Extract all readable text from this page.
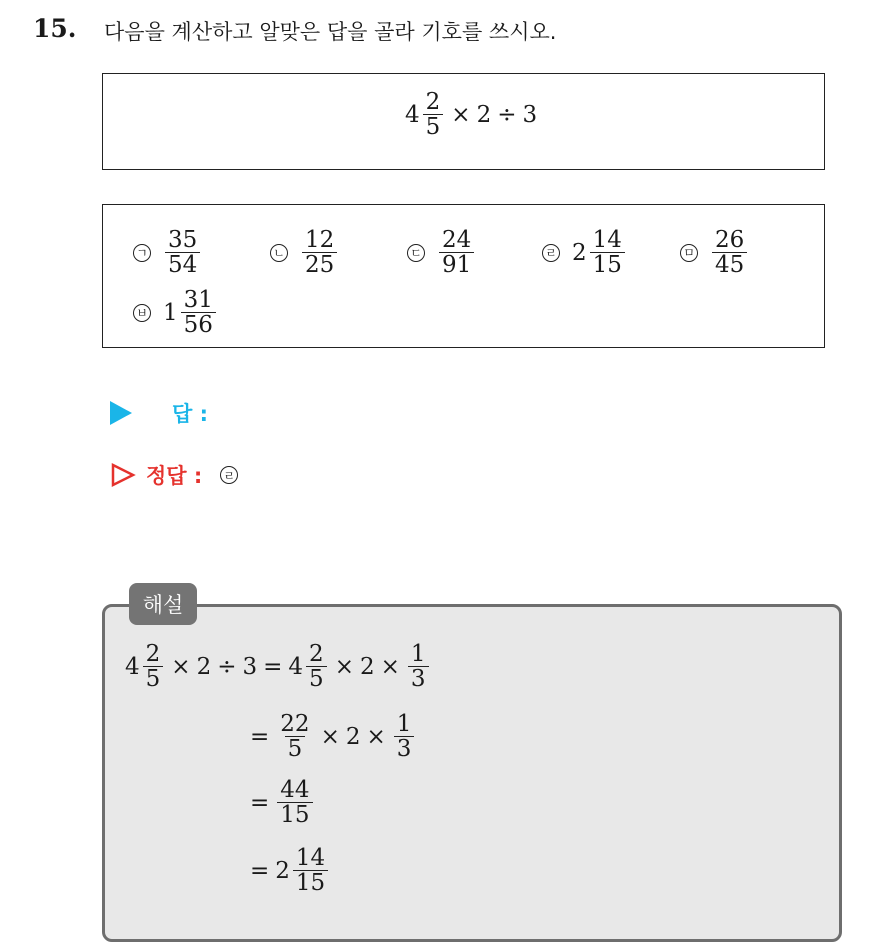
15. 다음을 계산하고 알맞은 답을 골라 기호를 쓰시오.
$4 \frac{2}{5} \times 2 \div 3$
ㄱ $\frac{35}{54}$	ㄴ $\frac{12}{25}$	ㄷ $\frac{24}{91}$	ㄹ $2 \frac{14}{15}$	ㅁ $\frac{26}{45}$
ㅂ $1 \frac{31}{56}$
답 :
정답 : ㄹ
해설
$4 \frac{2}{5} \times 2 \div 3 = 4 \frac{2}{5} \times 2 \times \frac{1}{3}$
= $\frac{22}{5} \times 2 \times \frac{1}{3}$
= $\frac{44}{15}$
= $2 \frac{14}{15}$
